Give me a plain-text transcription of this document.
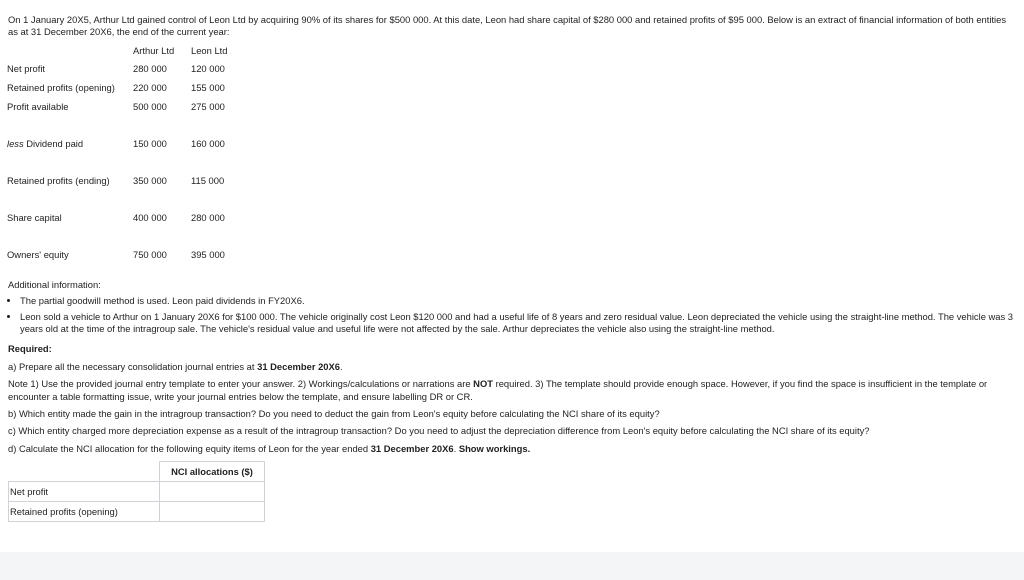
On 1 January 20X5, Arthur Ltd gained control of Leon Ltd by acquiring 90% of its shares for $500 000. At this date, Leon had share capital of $280 000 and retained profits of $95 000. Below is an extract of financial information of both entities as at 31 December 20X6, the end of the current year:

	Arthur Ltd	Leon Ltd
Net profit	280 000	120 000
Retained profits (opening)	220 000	155 000
Profit available	500 000	275 000

less Dividend paid	150 000	160 000

Retained profits (ending)	350 000	115 000

Share capital	400 000	280 000

Owners' equity	750 000	395 000

Additional information:

• The partial goodwill method is used. Leon paid dividends in FY20X6.
• Leon sold a vehicle to Arthur on 1 January 20X6 for $100 000. The vehicle originally cost Leon $120 000 and had a useful life of 8 years and zero residual value. Leon depreciated the vehicle using the straight-line method. The vehicle was 3 years old at the time of the intragroup sale. The vehicle's residual value and useful life were not affected by the sale. Arthur depreciates the vehicle also using the straight-line method.

Required:

a) Prepare all the necessary consolidation journal entries at 31 December 20X6.

Note 1) Use the provided journal entry template to enter your answer. 2) Workings/calculations or narrations are NOT required. 3) The template should provide enough space. However, if you find the space is insufficient in the template or encounter a table formatting issue, write your journal entries below the template, and ensure labelling DR or CR.

b) Which entity made the gain in the intragroup transaction? Do you need to deduct the gain from Leon's equity before calculating the NCI share of its equity?

c) Which entity charged more depreciation expense as a result of the intragroup transaction? Do you need to adjust the depreciation difference from Leon's equity before calculating the NCI share of its equity?

d) Calculate the NCI allocation for the following equity items of Leon for the year ended 31 December 20X6. Show workings.

	NCI allocations ($)
Net profit	
Retained profits (opening)	
